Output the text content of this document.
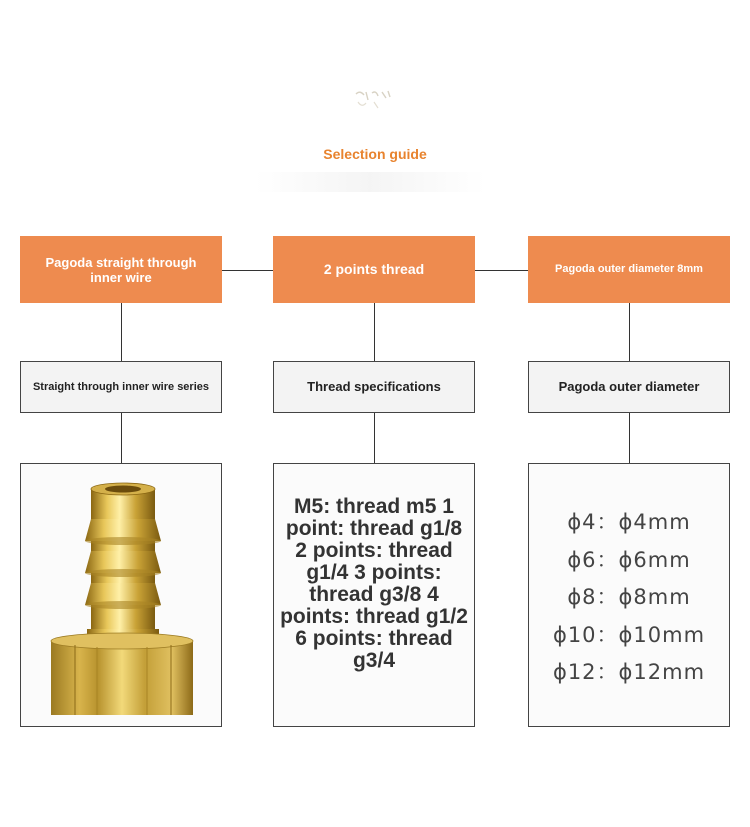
Selection guide
Pagoda straight through inner wire	2 points thread	Pagoda outer diameter 8mm
Straight through inner wire series	Thread specifications	Pagoda outer diameter
M5: thread m5 1 point: thread g1/8 2 points: thread g1/4 3 points: thread g3/8 4 points: thread g1/2 6 points: thread g3/4
ϕ4：ϕ4mm
ϕ6：ϕ6mm
ϕ8：ϕ8mm
ϕ10：ϕ10mm
ϕ12：ϕ12mm
